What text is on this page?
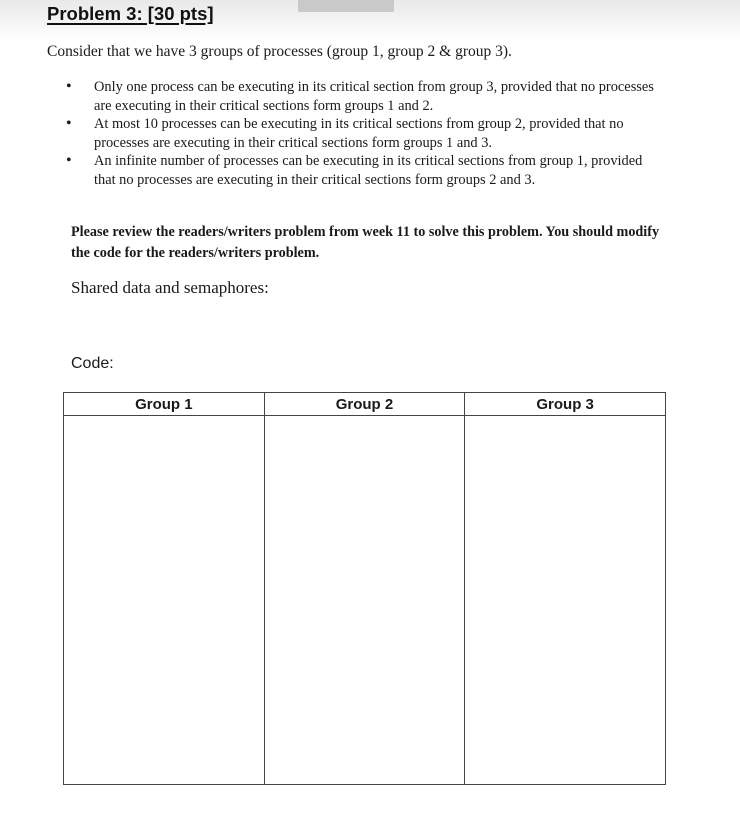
Problem 3: [30 pts]
Consider that we have 3 groups of processes (group 1, group 2 & group 3).
• Only one process can be executing in its critical section from group 3, provided that no processes are executing in their critical sections form groups 1 and 2.
• At most 10 processes can be executing in its critical sections from group 2, provided that no processes are executing in their critical sections form groups 1 and 3.
• An infinite number of processes can be executing in its critical sections from group 1, provided that no processes are executing in their critical sections form groups 2 and 3.
Please review the readers/writers problem from week 11 to solve this problem. You should modify the code for the readers/writers problem.
Shared data and semaphores:
Code:
Group 1	Group 2	Group 3
